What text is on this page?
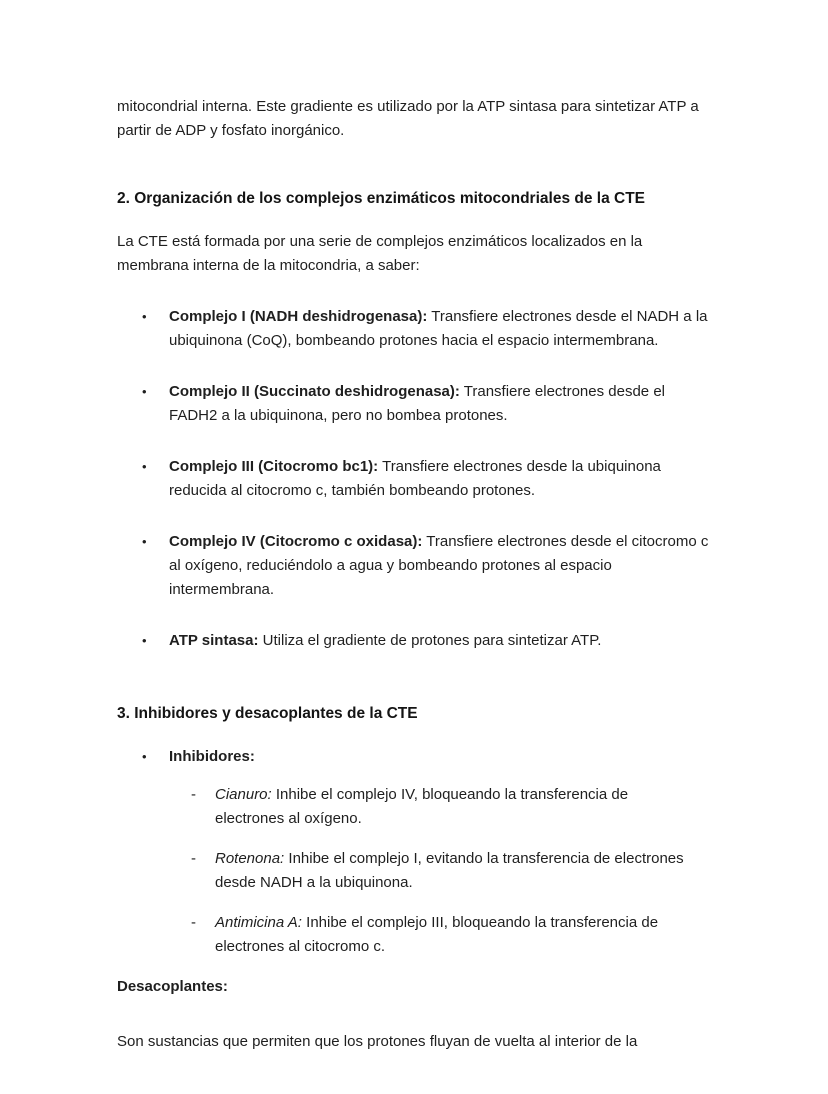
mitocondrial interna. Este gradiente es utilizado por la ATP sintasa para sintetizar ATP a partir de ADP y fosfato inorgánico.

2. Organización de los complejos enzimáticos mitocondriales de la CTE

La CTE está formada por una serie de complejos enzimáticos localizados en la membrana interna de la mitocondria, a saber:

•	Complejo I (NADH deshidrogenasa): Transfiere electrones desde el NADH a la ubiquinona (CoQ), bombeando protones hacia el espacio intermembrana.
•	Complejo II (Succinato deshidrogenasa): Transfiere electrones desde el FADH2 a la ubiquinona, pero no bombea protones.
•	Complejo III (Citocromo bc1): Transfiere electrones desde la ubiquinona reducida al citocromo c, también bombeando protones.
•	Complejo IV (Citocromo c oxidasa): Transfiere electrones desde el citocromo c al oxígeno, reduciéndolo a agua y bombeando protones al espacio intermembrana.
•	ATP sintasa: Utiliza el gradiente de protones para sintetizar ATP.
3. Inhibidores y desacoplantes de la CTE
•	Inhibidores:
-	Cianuro: Inhibe el complejo IV, bloqueando la transferencia de electrones al oxígeno.
-	Rotenona: Inhibe el complejo I, evitando la transferencia de electrones desde NADH a la ubiquinona.
-	Antimicina A: Inhibe el complejo III, bloqueando la transferencia de electrones al citocromo c.

Desacoplantes:

Son sustancias que permiten que los protones fluyan de vuelta al interior de la
